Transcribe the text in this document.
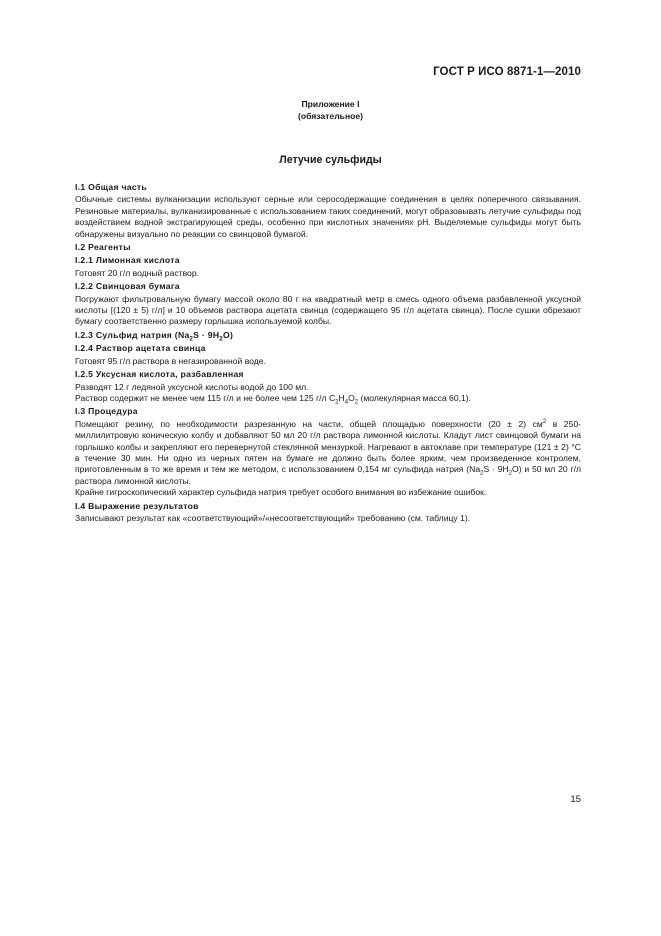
ГОСТ Р ИСО 8871-1—2010
Приложение I
(обязательное)
Летучие сульфиды

I.1 Общая часть

Обычные системы вулканизации используют серные или серосодержащие соединения в целях поперечного связывания. Резиновые материалы, вулканизированные с использованием таких соединений, могут образовывать летучие сульфиды под воздействием водной экстрагирующей среды, особенно при кислотных значениях pH. Выделяемые сульфиды могут быть обнаружены визуально по реакции со свинцовой бумагой.

I.2 Реагенты

I.2.1 Лимонная кислота

Готовят 20 г/л водный раствор.

I.2.2 Свинцовая бумага

Погружают фильтровальную бумагу массой около 80 г на квадратный метр в смесь одного объема разбавленной уксусной кислоты [(120 ± 5) г/л] и 10 объемов раствора ацетата свинца (содержащего 95 г/л ацетата свинца). После сушки обрезают бумагу соответственно размеру горлышка используемой колбы.

I.2.3 Сульфид натрия $(Na_2S \cdot 9H_2O)$

I.2.4 Раствор ацетата свинца

Готовят 95 г/л раствора в негазированной воде.

I.2.5 Уксусная кислота, разбавленная

Разводят 12 г ледяной уксусной кислоты водой до 100 мл.

Раствор содержит не менее чем 115 г/л и не более чем 125 г/л $C_2H_4O_2$ (молекулярная масса 60,1).

I.3 Процедура

Помещают резину, по необходимости разрезанную на части, общей площадью поверхности (20 ± 2) $см^2$ в 250-миллилитровую коническую колбу и добавляют 50 мл 20 г/л раствора лимонной кислоты. Кладут лист свинцовой бумаги на горлышко колбы и закрепляют его перевернутой стеклянной мензуркой. Нагревают в автоклаве при температуре (121 ± 2) °C в течение 30 мин. Ни одно из черных пятен на бумаге не должно быть более ярким, чем произведенное контролем, приготовленным в то же время и тем же методом, с использованием 0,154 мг сульфида натрия $(Na_2S \cdot 9H_2O)$ и 50 мл 20 г/л раствора лимонной кислоты.

Крайне гигроскопический характер сульфида натрия требует особого внимания во избежание ошибок.

I.4 Выражение результатов

Записывают результат как «соответствующий»/«несоответствующий» требованию (см. таблицу 1).

15
